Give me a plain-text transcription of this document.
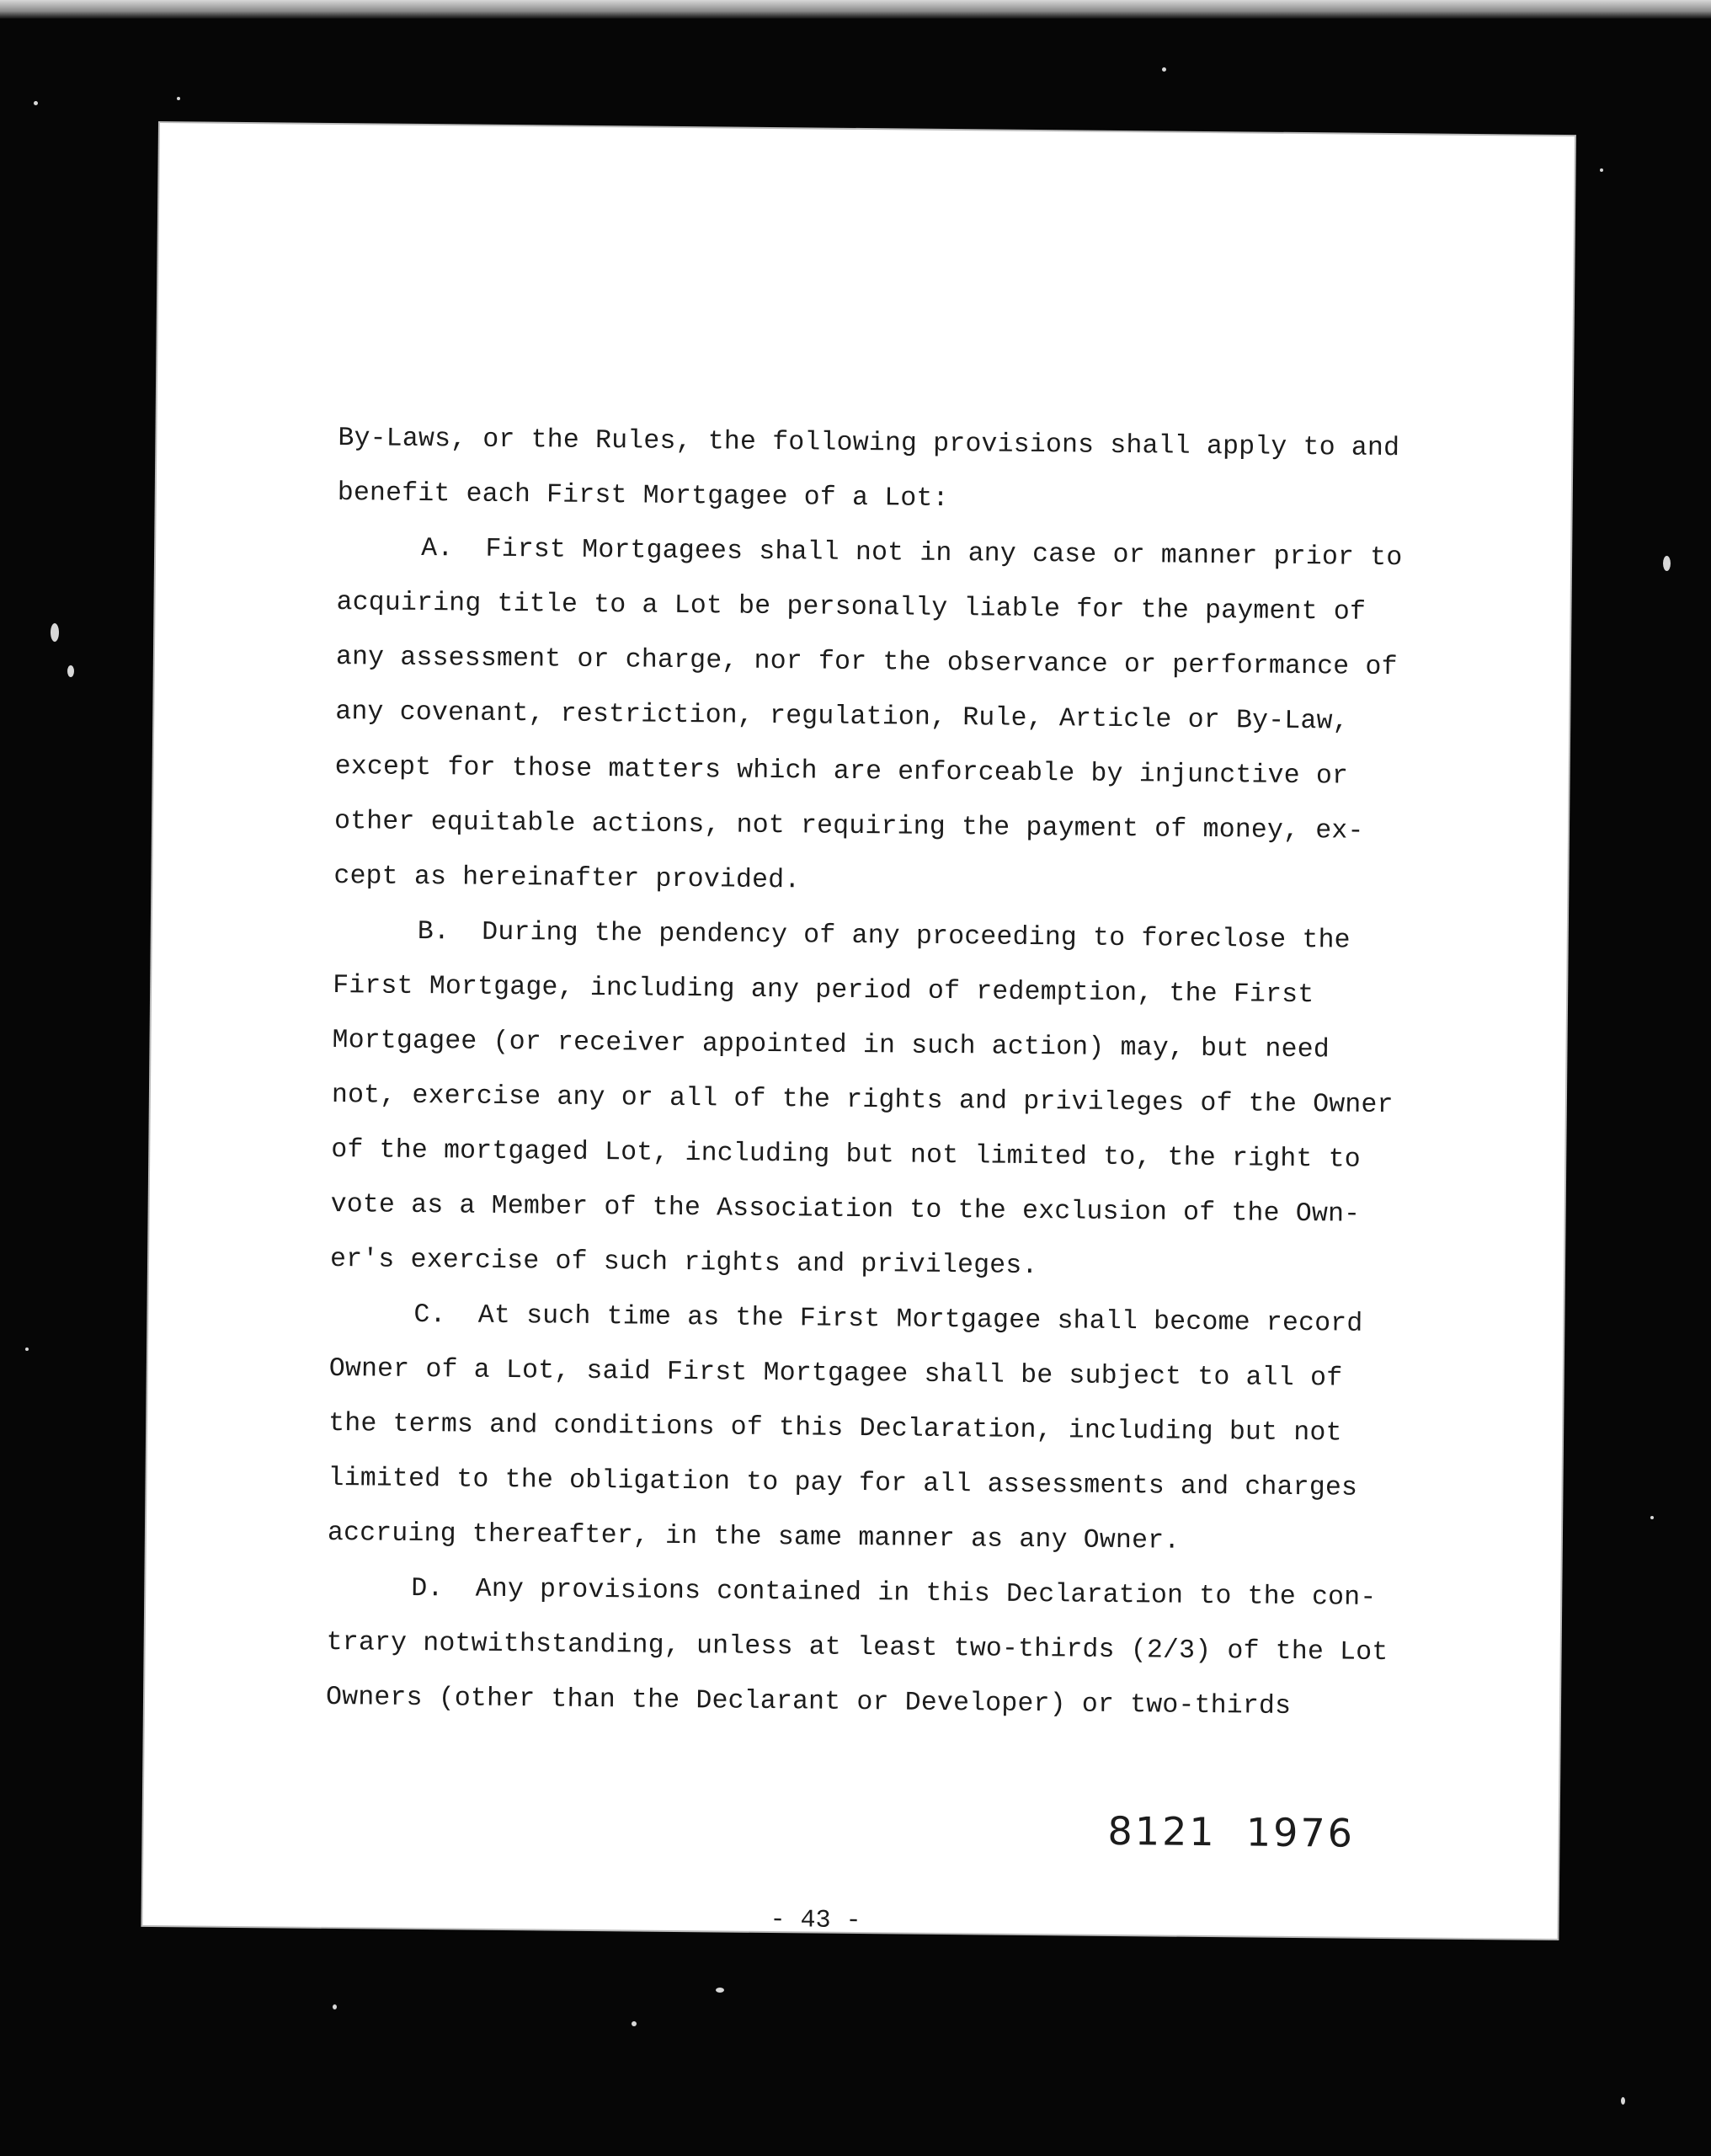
By-Laws, or the Rules, the following provisions shall apply to and

benefit each First Mortgagee of a Lot:

A.  First Mortgagees shall not in any case or manner prior to

acquiring title to a Lot be personally liable for the payment of

any assessment or charge, nor for the observance or performance of

any covenant, restriction, regulation, Rule, Article or By-Law,

except for those matters which are enforceable by injunctive or

other equitable actions, not requiring the payment of money, ex-

cept as hereinafter provided.

B.  During the pendency of any proceeding to foreclose the

First Mortgage, including any period of redemption, the First

Mortgagee (or receiver appointed in such action) may, but need

not, exercise any or all of the rights and privileges of the Owner

of the mortgaged Lot, including but not limited to, the right to

vote as a Member of the Association to the exclusion of the Own-

er's exercise of such rights and privileges.

C.  At such time as the First Mortgagee shall become record

Owner of a Lot, said First Mortgagee shall be subject to all of

the terms and conditions of this Declaration, including but not

limited to the obligation to pay for all assessments and charges

accruing thereafter, in the same manner as any Owner.

D.  Any provisions contained in this Declaration to the con-

trary notwithstanding, unless at least two-thirds (2/3) of the Lot

Owners (other than the Declarant or Developer) or two-thirds

8121  1976
- 43 -
